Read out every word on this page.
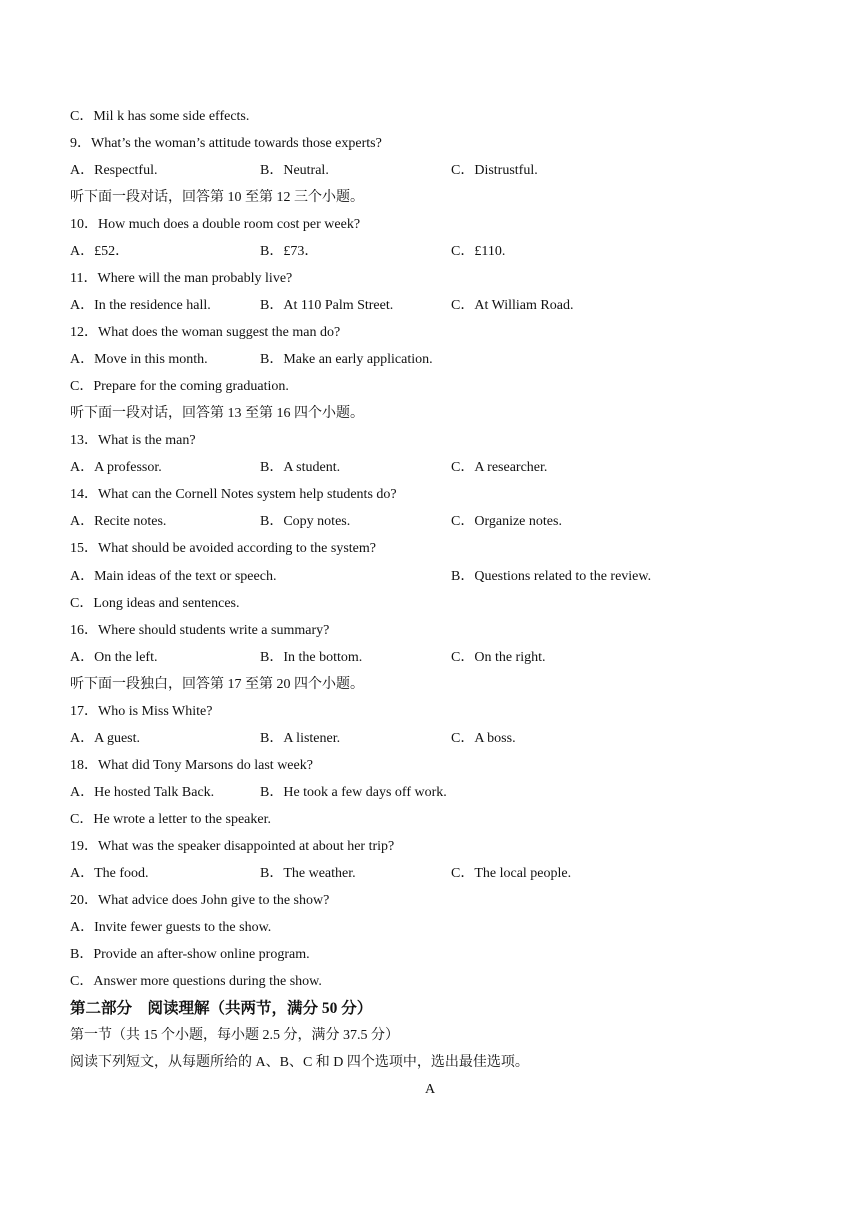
C．Mil k has some side effects.
9．What’s the woman’s attitude towards those experts?
A．Respectful.	B．Neutral.	C．Distrustful.
听下面一段对话，回答第 10 至第 12 三个小题。
10．How much does a double room cost per week?
A．£52．	B．£73．	C．£110.
11．Where will the man probably live?
A．In the residence hall.	B．At 110 Palm Street.	C．At William Road.
12．What does the woman suggest the man do?
A．Move in this month.	B．Make an early application.
C．Prepare for the coming graduation.
听下面一段对话，回答第 13 至第 16 四个小题。
13．What is the man?
A．A professor.	B．A student.	C．A researcher.
14．What can the Cornell Notes system help students do?
A．Recite notes.	B．Copy notes.	C．Organize notes.
15．What should be avoided according to the system?
A．Main ideas of the text or speech.	B．Questions related to the review.
C．Long ideas and sentences.
16．Where should students write a summary?
A．On the left.	B．In the bottom.	C．On the right.
听下面一段独白，回答第 17 至第 20 四个小题。
17．Who is Miss White?
A．A guest.	B．A listener.	C．A boss.
18．What did Tony Marsons do last week?
A．He hosted Talk Back.	B．He took a few days off work.
C．He wrote a letter to the speaker.
19．What was the speaker disappointed at about her trip?
A．The food.	B．The weather.	C．The local people.
20．What advice does John give to the show?
A．Invite fewer guests to the show.
B．Provide an after-show online program.
C．Answer more questions during the show.
第二部分　阅读理解（共两节，满分 50 分）
第一节（共 15 个小题，每小题 2.5 分，满分 37.5 分）
阅读下列短文，从每题所给的 A、B、C 和 D 四个选项中，选出最佳选项。
A
